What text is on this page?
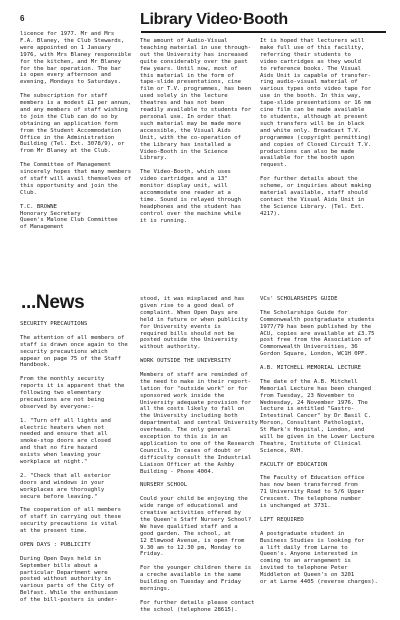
6

licence for 1977. Mr and Mrs
F.A. Blaney, the Club Stewards,
were appointed on 1 January
1976, with Mrs Blaney responsible
for the kitchen, and Mr Blaney
for the bar operation. The bar
is open every afternoon and
evening, Mondays to Saturdays.

The subscription for staff
members is a modest £1 per annum,
and any members of staff wishing
to join the Club can do so by
obtaining an application form
from the Student Accommodation
Office in the Administration
Building (Tel. Ext. 3078/9), or
from Mr Blaney at the Club.

The Committee of Management
sincerely hopes that many members
of staff will avail themselves of
this opportunity and join the
Club.

T.C. BROWNE
Honorary Secretary
Queen's Malone Club Committee
of Management

Library Video·Booth

The amount of Audio-Visual
teaching material in use through-
out the University has increased
quite considerably over the past
few years. Until now, most of
this material in the form of
tape-slide presentations, cine
film or T.V. programmes, has been
used solely in the lecture
theatres and has not been
readily available to students for
personal use. In order that
such material may be made more
accessible, the Visual Aids
Unit, with the co-operation of
the Library has installed a
Video-Booth in the Science
Library.

The Video-Booth, which uses
video cartridges and a 13"
monitor display unit, will
accommodate one reader at a
time. Sound is relayed through
headphones and the student has
control over the machine while
it is running.

It is hoped that lecturers will
make full use of this facility,
referring their students to
video cartridges as they would
to reference books. The Visual
Aids Unit is capable of transfer-
ring audio-visual material of
various types onto video tape for
use in the booth. In this way,
tape-slide presentations or 16 mm
cine film can be made available
to students, although at present
such transfers will be in black
and white only. Broadcast T.V.
programmes (copyright permitting)
and copies of Closed Circuit T.V.
productions can also be made
available for the booth upon
request.

For further details about the
scheme, or inquiries about making
material available, staff should
contact the Visual Aids Unit in
the Science Library. (Tel. Ext.
4217).

...News

SECURITY PRECAUTIONS

The attention of all members of
staff is drawn once again to the
security precautions which
appear on page 75 of the Staff
Handbook.

From the monthly security
reports it is apparent that the
following two elementary
precautions are not being
observed by everyone:-

1. "Turn off all lights and
electric heaters when not
needed and ensure that all
smoke-stop doors are closed
and that no fire hazard
exists when leaving your
workplace at night."

2. "Check that all exterior
doors and windows in your
workplaces are thoroughly
secure before leaving."

The cooperation of all members
of staff in carrying out these
security precautions is vital
at the present time.

OPEN DAYS : PUBLICITY

During Open Days held in
September bills about a
particular Department were
posted without authority in
various parts of the City of
Belfast. While the enthusiasm
of the bill-posters is under-

stood, it was misplaced and has
given rise to a good deal of
complaint. When Open Days are
held in future or when publicity
for University events is
required bills should not be
posted outside the University
without authority.

WORK OUTSIDE THE UNIVERSITY

Members of staff are reminded of
the need to make in their report-
lation for "outside work" or for
sponsored work inside the
University adequate provision for
all the costs likely to fall on
the University including both
departmental and central University
overheads. The only general
exception to this is in an
application to one of the Research
Councils. In cases of doubt or
difficulty consult the Industrial
Liaison Officer at the Ashby
Building - Phone 4004.

NURSERY SCHOOL

Could your child be enjoying the
wide range of educational and
creative activities offered by
the Queen's Staff Nursery School?
We have qualified staff and a
good garden. The school, at
12 Elmwood Avenue, is open from
9.30 am to 12.30 pm, Monday to
Friday.

For the younger children there is
a creche available in the same
building on Tuesday and Friday
mornings.

For further details please contact
the school (telephone 28615).

VCs' SCHOLARSHIPS GUIDE

The Scholarships Guide for
Commonwealth postgraduate students
1977/79 has been published by the
ACU, copies are available at £3.75
post free from the Association of
Commonwealth Universities, 36
Gordon Square, London, WC1H 0PF.

A.B. MITCHELL MEMORIAL LECTURE

The date of the A.B. Mitchell
Memorial Lecture has been changed
from Tuesday, 23 November to
Wednesday, 24 November 1976. The
lecture is entitled "Gastro-
Intestinal Cancer" by Dr Basil C.
Morson, Consultant Pathologist,
St Mark's Hospital, London, and
will be given in the Lower Lecture
Theatre, Institute of Clinical
Science, RVH.

FACULTY OF EDUCATION

The Faculty of Education office
has now been transferred from
71 University Road to 5/6 Upper
Crescent. The telephone number
is unchanged at 3731.

LIFT REQUIRED

A postgraduate student in
Business Studies is looking for
a lift daily from Larne to
Queen's. Anyone interested in
coming to an arrangement is
invited to telephone Peter
Middleton at Queen's on 3201
or at Larne 4405 (reverse charges).
